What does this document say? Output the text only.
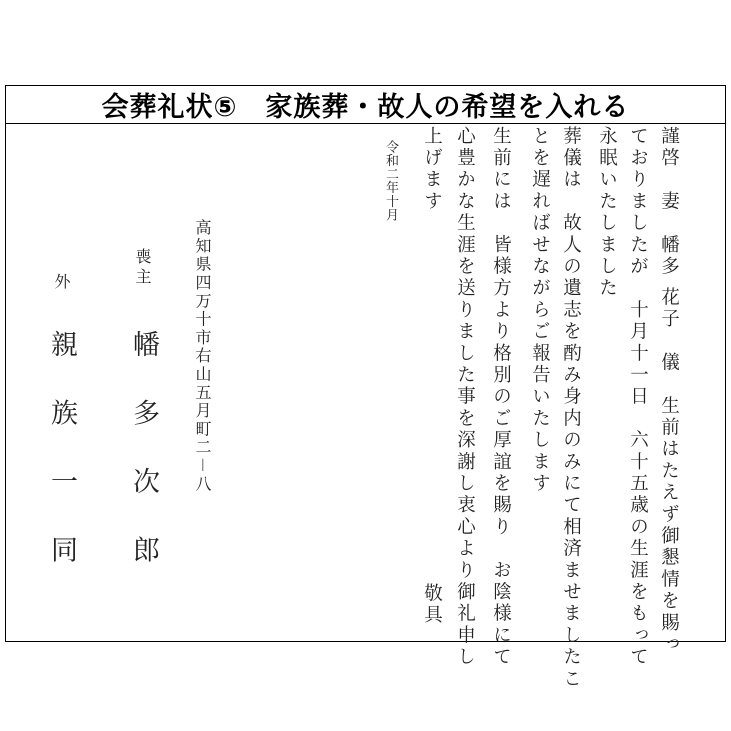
会葬礼状⑤　家族葬・故人の希望を入れる
謹啓　妻　幡多 花子　儀　生前はたえず御懇情を賜っ
ておりましたが　十月十一日　六十五歳の生涯をもって
永眠いたしました
葬儀は　故人の遺志を酌み身内のみにて相済ませましたこ
とを遅ればせながらご報告いたします
生前には　皆様方より格別のご厚誼を賜り　お陰様にて
心豊かな生涯を送りました事を深謝し衷心より御礼申し
上げます
敬具
令和二年十月
高知県四万十市右山五月町二－八
喪主
幡　多　次　郎
外
親　族　一　同
